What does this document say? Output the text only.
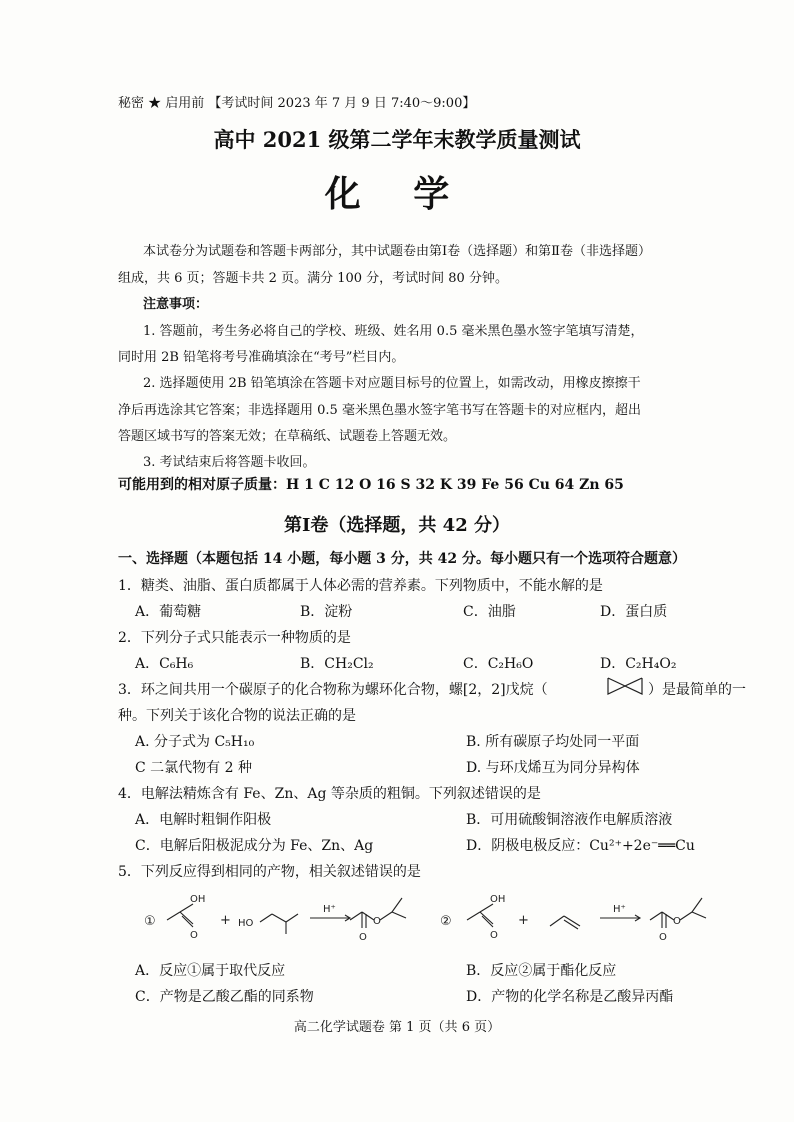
秘密 ★ 启用前 【考试时间 2023 年 7 月 9 日 7:40～9:00】
高中 2021 级第二学年末教学质量测试
化 学
本试卷分为试题卷和答题卡两部分，其中试题卷由第Ⅰ卷（选择题）和第Ⅱ卷（非选择题）
组成，共 6 页；答题卡共 2 页。满分 100 分，考试时间 80 分钟。
注意事项：
1. 答题前，考生务必将自己的学校、班级、姓名用 0.5 毫米黑色墨水签字笔填写清楚，
同时用 2B 铅笔将考号准确填涂在“考号”栏目内。
2. 选择题使用 2B 铅笔填涂在答题卡对应题目标号的位置上，如需改动，用橡皮擦擦干
净后再选涂其它答案；非选择题用 0.5 毫米黑色墨水签字笔书写在答题卡的对应框内，超出
答题区域书写的答案无效；在草稿纸、试题卷上答题无效。
3. 考试结束后将答题卡收回。
可能用到的相对原子质量：H 1 C 12 O 16 S 32 K 39 Fe 56 Cu 64 Zn 65
第Ⅰ卷（选择题，共 42 分）
一、选择题（本题包括 14 小题，每小题 3 分，共 42 分。每小题只有一个选项符合题意）
1．糖类、油脂、蛋白质都属于人体必需的营养素。下列物质中，不能水解的是
A．葡萄糖	B．淀粉	C．油脂	D．蛋白质
2．下列分子式只能表示一种物质的是
A．C₆H₆	B．CH₂Cl₂	C．C₂H₆O	D．C₂H₄O₂
3．环之间共用一个碳原子的化合物称为螺环化合物，螺[2，2]戊烷（	）是最简单的一
种。下列关于该化合物的说法正确的是
A. 分子式为 C₅H₁₀	B. 所有碳原子均处同一平面
C 二氯代物有 2 种	D. 与环戊烯互为同分异构体
4．电解法精炼含有 Fe、Zn、Ag 等杂质的粗铜。下列叙述错误的是
A．电解时粗铜作阳极	B．可用硫酸铜溶液作电解质溶液
C．电解后阳极泥成分为 Fe、Zn、Ag	D．阴极电极反应：Cu²⁺+2e⁻══Cu
5．下列反应得到相同的产物，相关叙述错误的是
①
OH
O
+ HO
H⁺
O
O
②
OH
O
+
H⁺
O
O
A．反应①属于取代反应	B．反应②属于酯化反应
C．产物是乙酸乙酯的同系物	D．产物的化学名称是乙酸异丙酯
高二化学试题卷 第 1 页（共 6 页）
